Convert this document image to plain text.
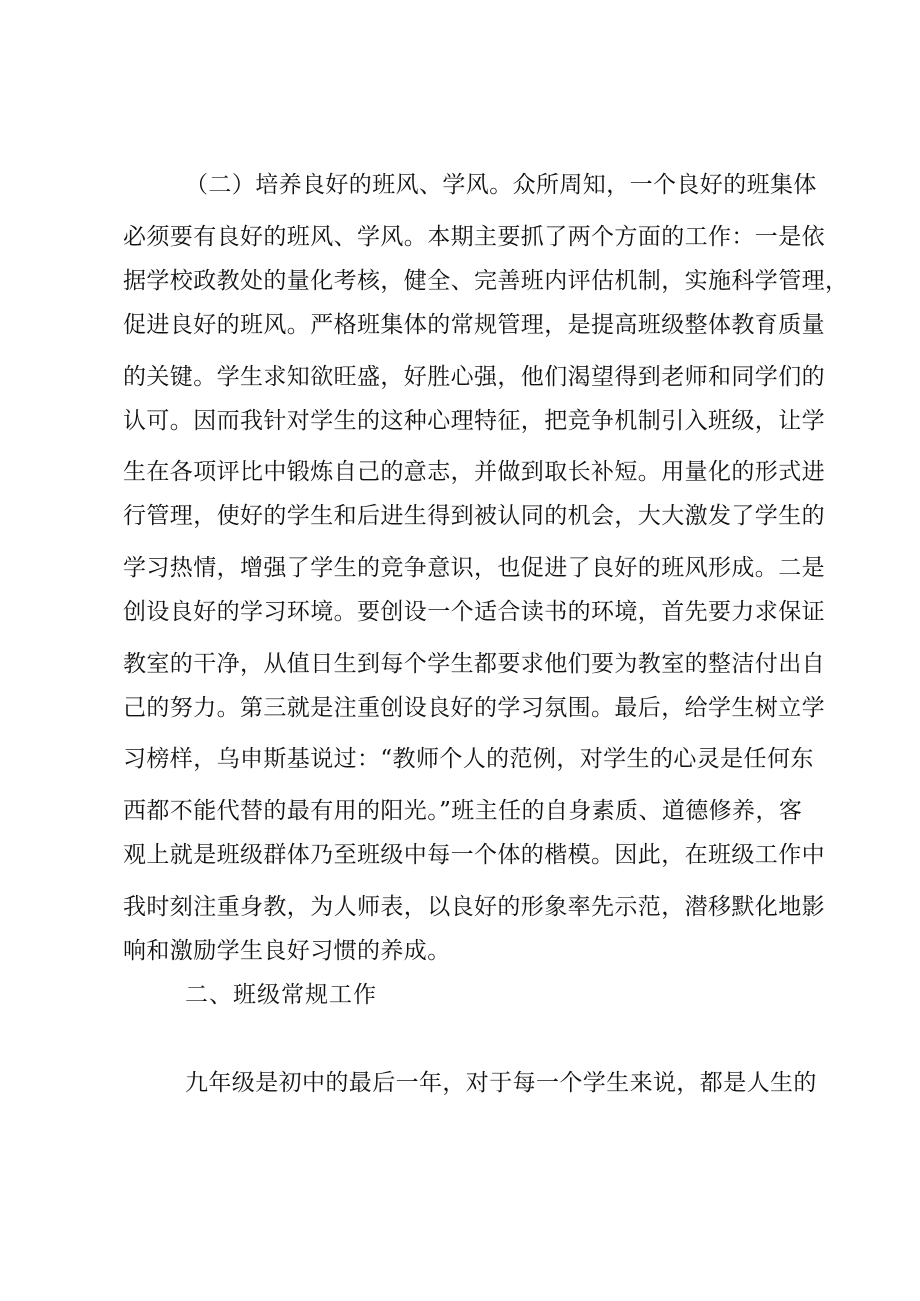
（二）培养良好的班风、学风。众所周知，一个良好的班集体
必须要有良好的班风、学风。本期主要抓了两个方面的工作：一是依
据学校政教处的量化考核，健全、完善班内评估机制，实施科学管理，
促进良好的班风。严格班集体的常规管理，是提高班级整体教育质量
的关键。学生求知欲旺盛，好胜心强，他们渴望得到老师和同学们的
认可。因而我针对学生的这种心理特征，把竞争机制引入班级，让学
生在各项评比中锻炼自己的意志，并做到取长补短。用量化的形式进
行管理，使好的学生和后进生得到被认同的机会，大大激发了学生的
学习热情，增强了学生的竞争意识，也促进了良好的班风形成。二是
创设良好的学习环境。要创设一个适合读书的环境，首先要力求保证
教室的干净，从值日生到每个学生都要求他们要为教室的整洁付出自
己的努力。第三就是注重创设良好的学习氛围。最后，给学生树立学
习榜样，乌申斯基说过：“教师个人的范例，对学生的心灵是任何东
西都不能代替的最有用的阳光。”班主任的自身素质、道德修养，客
观上就是班级群体乃至班级中每一个体的楷模。因此，在班级工作中
我时刻注重身教，为人师表，以良好的形象率先示范，潜移默化地影
响和激励学生良好习惯的养成。
二、班级常规工作
九年级是初中的最后一年，对于每一个学生来说，都是人生的
